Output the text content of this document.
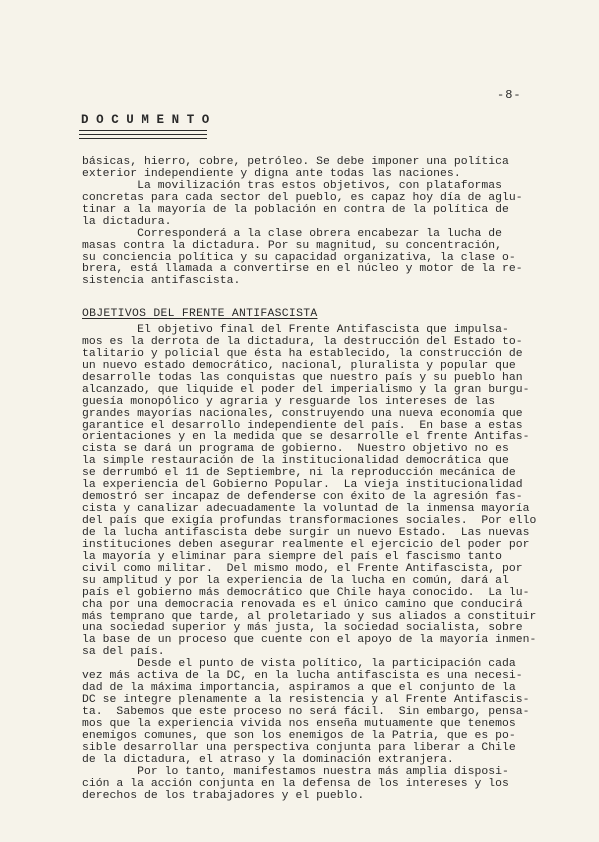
-8-
DOCUMENTO
básicas, hierro, cobre, petróleo. Se debe imponer una política
exterior independiente y digna ante todas las naciones.
La movilización tras estos objetivos, con plataformas
concretas para cada sector del pueblo, es capaz hoy día de aglu-
tinar a la mayoría de la población en contra de la política de
la dictadura.
Corresponderá a la clase obrera encabezar la lucha de
masas contra la dictadura. Por su magnitud, su concentración,
su conciencia política y su capacidad organizativa, la clase o-
brera, está llamada a convertirse en el núcleo y motor de la re-
sistencia antifascista.
OBJETIVOS DEL FRENTE ANTIFASCISTA
El objetivo final del Frente Antifascista que impulsa-
mos es la derrota de la dictadura, la destrucción del Estado to-
talitario y policial que ésta ha establecido, la construcción de
un nuevo estado democrático, nacional, pluralista y popular que
desarrolle todas las conquistas que nuestro país y su pueblo han
alcanzado, que liquide el poder del imperialismo y la gran burgu-
guesía monopólico y agraria y resguarde los intereses de las
grandes mayorías nacionales, construyendo una nueva economía que
garantice el desarrollo independiente del país.  En base a estas
orientaciones y en la medida que se desarrolle el frente Antifas-
cista se dará un programa de gobierno.  Nuestro objetivo no es
la simple restauración de la institucionalidad democrática que
se derrumbó el 11 de Septiembre, ni la reproducción mecánica de
la experiencia del Gobierno Popular.  La vieja institucionalidad
demostró ser incapaz de defenderse con éxito de la agresión fas-
cista y canalizar adecuadamente la voluntad de la inmensa mayoría
del país que exigía profundas transformaciones sociales.  Por ello
de la lucha antifascista debe surgir un nuevo Estado.  Las nuevas
instituciones deben asegurar realmente el ejercicio del poder por
la mayoría y eliminar para siempre del país el fascismo tanto
civil como militar.  Del mismo modo, el Frente Antifascista, por
su amplitud y por la experiencia de la lucha en común, dará al
país el gobierno más democrático que Chile haya conocido.  La lu-
cha por una democracia renovada es el único camino que conducirá
más temprano que tarde, al proletariado y sus aliados a constituir
una sociedad superior y más justa, la sociedad socialista, sobre
la base de un proceso que cuente con el apoyo de la mayoría inmen-
sa del país.
Desde el punto de vista político, la participación cada
vez más activa de la DC, en la lucha antifascista es una necesi-
dad de la máxima importancia, aspiramos a que el conjunto de la
DC se integre plenamente a la resistencia y al Frente Antifascis-
ta.  Sabemos que este proceso no será fácil.  Sin embargo, pensa-
mos que la experiencia vivida nos enseña mutuamente que tenemos
enemigos comunes, que son los enemigos de la Patria, que es po-
sible desarrollar una perspectiva conjunta para liberar a Chile
de la dictadura, el atraso y la dominación extranjera.
Por lo tanto, manifestamos nuestra más amplia disposi-
ción a la acción conjunta en la defensa de los intereses y los
derechos de los trabajadores y el pueblo.
